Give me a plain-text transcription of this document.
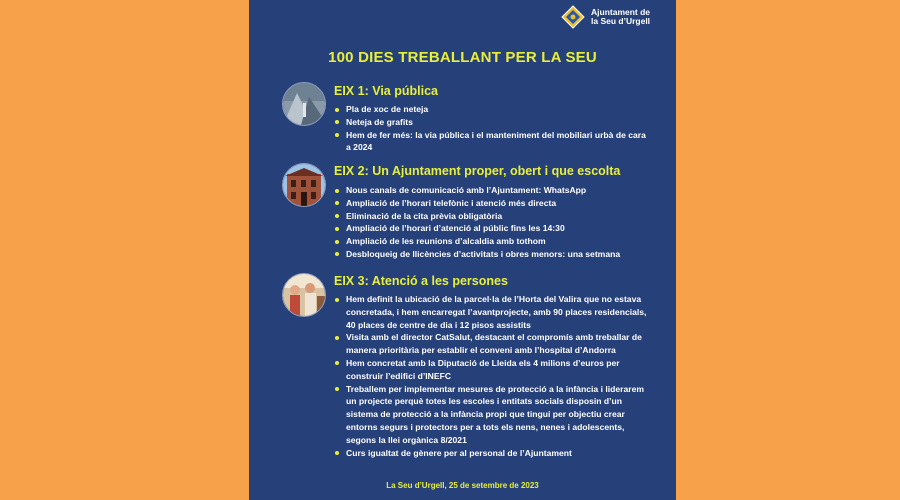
Ajuntament de
la Seu d’Urgell
100 DIES TREBALLANT PER LA SEU
EIX 1: Via pública
Pla de xoc de neteja
Neteja de grafits
Hem de fer més: la via pública i el manteniment del mobiliari urbà de cara a 2024
EIX 2: Un Ajuntament proper, obert i que escolta
Nous canals de comunicació amb l’Ajuntament: WhatsApp
Ampliació de l’horari telefònic i atenció més directa
Eliminació de la cita prèvia obligatòria
Ampliació de l’horari d’atenció al públic fins les 14:30
Ampliació de les reunions d’alcaldia amb tothom
Desbloqueig de llicències d’activitats i obres menors: una setmana
EIX 3: Atenció a les persones
Hem definit la ubicació de la parcel·la de l’Horta del Valira que no estava concretada, i hem encarregat l’avantprojecte, amb 90 places residencials, 40 places de centre de dia i 12 pisos assistits
Visita amb el director CatSalut, destacant el compromís amb treballar de manera prioritària per establir el conveni amb l’hospital d’Andorra
Hem concretat amb la Diputació de Lleida els 4 milions d’euros per construir l’edifici d’INEFC
Treballem per implementar mesures de protecció a la infància i liderarem un projecte perquè totes les escoles i entitats socials disposin d’un sistema de protecció a la infància propi que tingui per objectiu crear entorns segurs i protectors per a tots els nens, nenes i adolescents, segons la llei orgànica 8/2021
Curs igualtat de gènere per al personal de l’Ajuntament
La Seu d’Urgell, 25 de setembre de 2023
